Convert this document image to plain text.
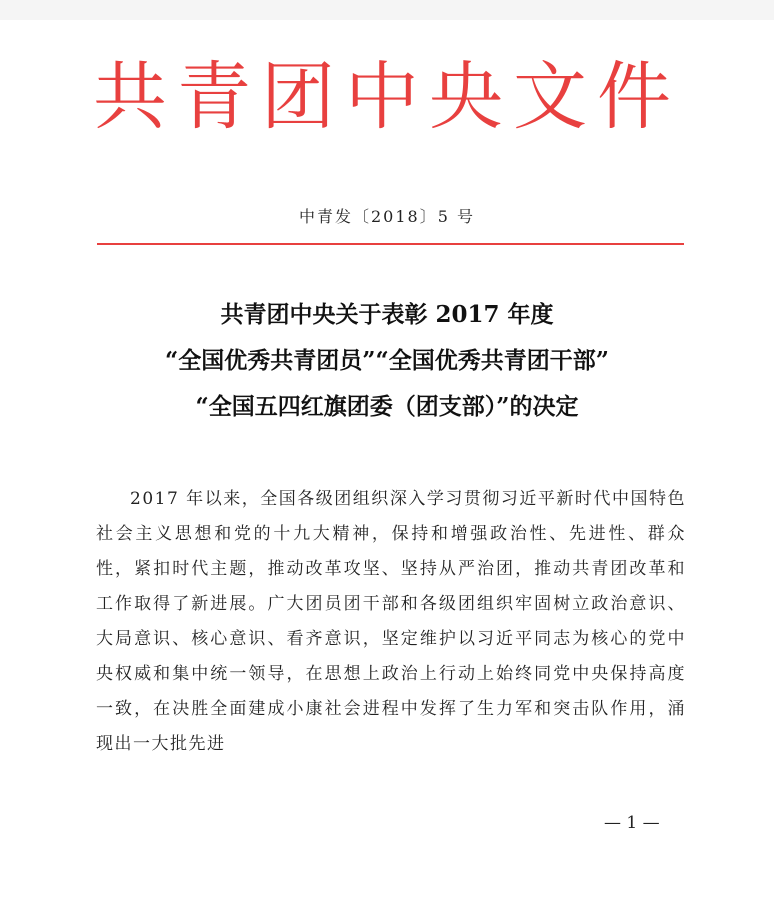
共青团中央文件
中青发〔2018〕5 号
共青团中央关于表彰 2017 年度
“全国优秀共青团员”“全国优秀共青团干部”
“全国五四红旗团委（团支部）”的决定

2017 年以来，全国各级团组织深入学习贯彻习近平新时代中国特色社会主义思想和党的十九大精神，保持和增强政治性、先进性、群众性，紧扣时代主题，推动改革攻坚、坚持从严治团，推动共青团改革和工作取得了新进展。广大团员团干部和各级团组织牢固树立政治意识、大局意识、核心意识、看齐意识，坚定维护以习近平同志为核心的党中央权威和集中统一领导，在思想上政治上行动上始终同党中央保持高度一致，在决胜全面建成小康社会进程中发挥了生力军和突击队作用，涌现出一大批先进

— 1 —
